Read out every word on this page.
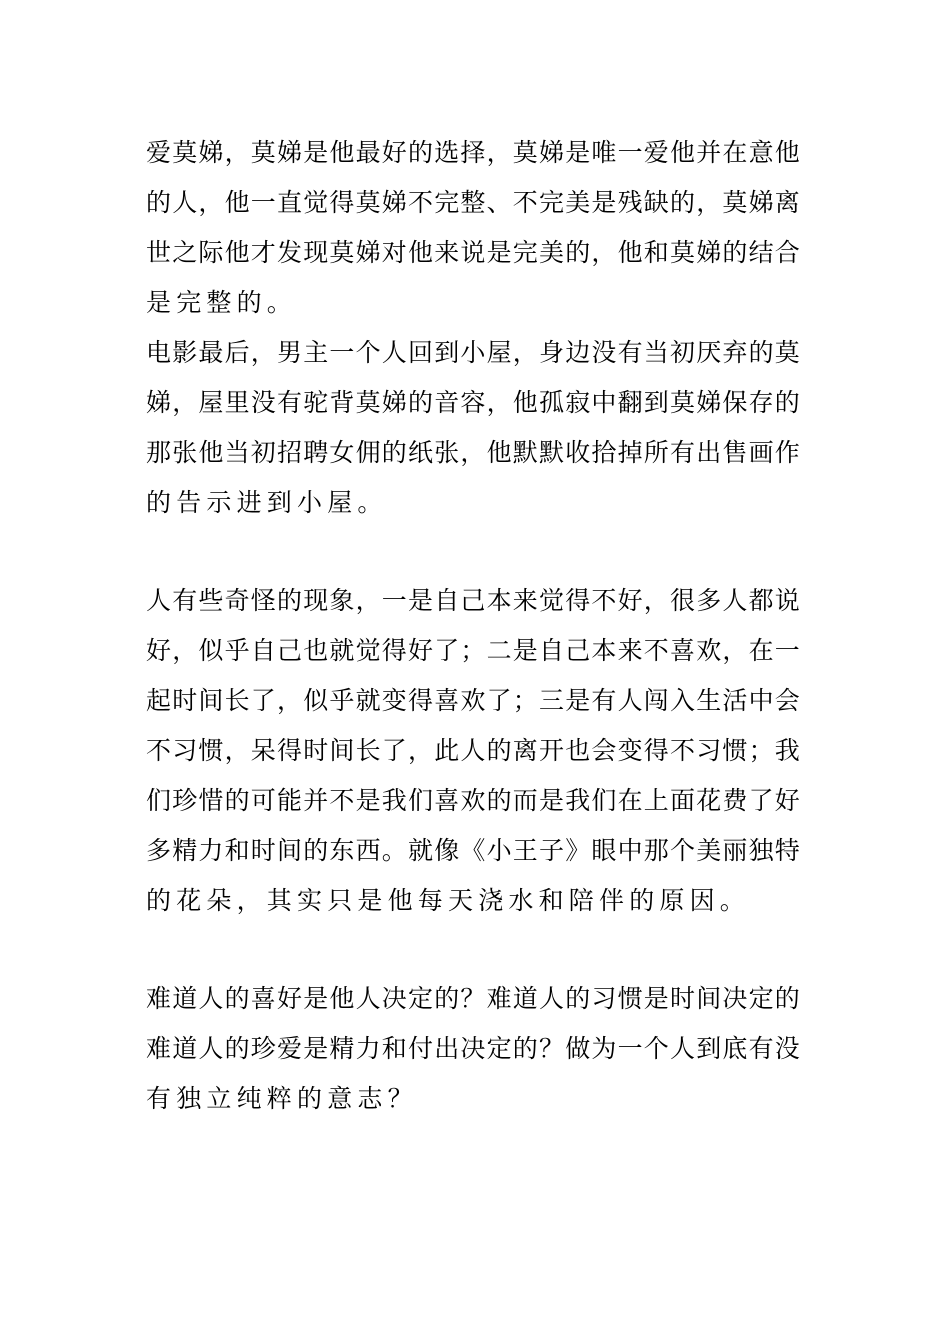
爱莫娣，莫娣是他最好的选择，莫娣是唯一爱他并在意他
的人，他一直觉得莫娣不完整、不完美是残缺的，莫娣离
世之际他才发现莫娣对他来说是完美的，他和莫娣的结合
是完整的。
电影最后，男主一个人回到小屋，身边没有当初厌弃的莫
娣，屋里没有驼背莫娣的音容，他孤寂中翻到莫娣保存的
那张他当初招聘女佣的纸张，他默默收拾掉所有出售画作
的告示进到小屋。
人有些奇怪的现象，一是自己本来觉得不好，很多人都说
好，似乎自己也就觉得好了；二是自己本来不喜欢，在一
起时间长了，似乎就变得喜欢了；三是有人闯入生活中会
不习惯，呆得时间长了，此人的离开也会变得不习惯；我
们珍惜的可能并不是我们喜欢的而是我们在上面花费了好
多精力和时间的东西。就像《小王子》眼中那个美丽独特
的花朵，其实只是他每天浇水和陪伴的原因。
难道人的喜好是他人决定的？难道人的习惯是时间决定的
难道人的珍爱是精力和付出决定的？做为一个人到底有没
有独立纯粹的意志？
